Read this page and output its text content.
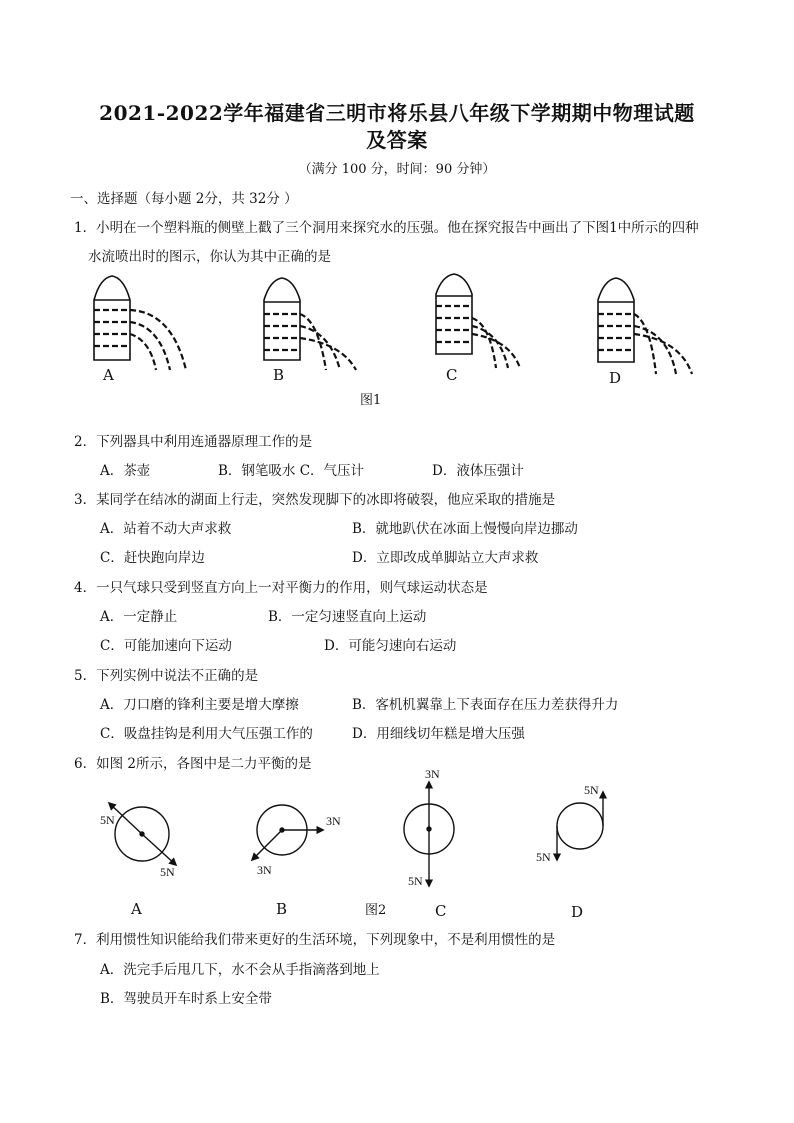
2021-2022学年福建省三明市将乐县八年级下学期期中物理试题
及答案
（满分 100 分，时间：90 分钟）
一、选择题（每小题 2分，共 32分 ）
1．小明在一个塑料瓶的侧壁上戳了三个洞用来探究水的压强。他在探究报告中画出了下图1中所示的四种
水流喷出时的图示，你认为其中正确的是
A	B	C	D
图1
2．下列器具中利用连通器原理工作的是
A．茶壶	B．钢笔吸水 C．气压计	D．液体压强计
3．某同学在结冰的湖面上行走，突然发现脚下的冰即将破裂，他应采取的措施是
A．站着不动大声求救	B．就地趴伏在冰面上慢慢向岸边挪动
C．赶快跑向岸边	D．立即改成单脚站立大声求救
4．一只气球只受到竖直方向上一对平衡力的作用，则气球运动状态是
A．一定静止	B．一定匀速竖直向上运动
C．可能加速向下运动	D．可能匀速向右运动
5．下列实例中说法不正确的是
A．刀口磨的锋利主要是增大摩擦	B．客机机翼靠上下表面存在压力差获得升力
C．吸盘挂钩是利用大气压强工作的	D．用细线切年糕是增大压强
6．如图 2所示，各图中是二力平衡的是
5N
5N
3N
3N
3N
5N
5N
5N
A	B	图2	C	D
7．利用惯性知识能给我们带来更好的生活环境，下列现象中，不是利用惯性的是
A．洗完手后甩几下，水不会从手指滴落到地上
B．驾驶员开车时系上安全带
